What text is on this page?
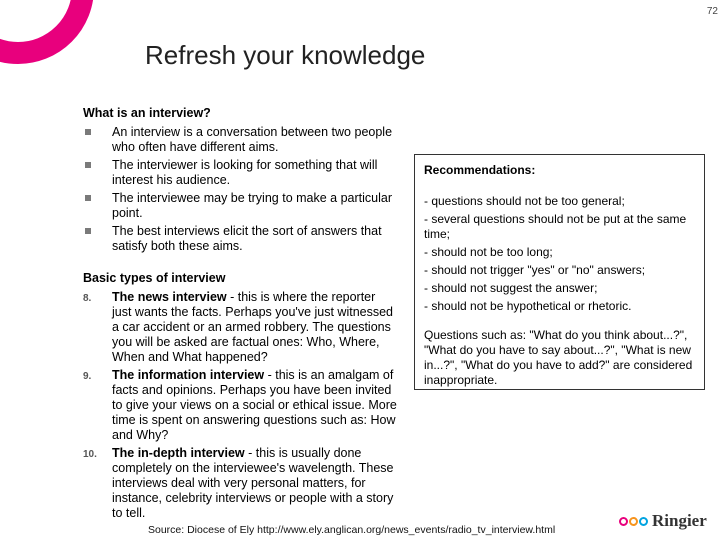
72
Refresh your knowledge
What is an interview?
An interview is a conversation between two people who often have different aims.
The interviewer is looking for something that will interest his audience.
The interviewee may be trying to make a particular point.
The best interviews elicit the sort of answers that satisfy both these aims.
Basic types of interview
8. The news interview - this is where the reporter just wants the facts. Perhaps you've just witnessed a car accident or an armed robbery. The questions you will be asked are factual ones: Who, Where, When and What happened?
9. The information interview - this is an amalgam of facts and opinions. Perhaps you have been invited to give your views on a social or ethical issue. More time is spent on answering questions such as: How and Why?
10. The in-depth interview - this is usually done completely on the interviewee's wavelength. These interviews deal with very personal matters, for instance, celebrity interviews or people with a story to tell.
Recommendations:
- questions should not be too general;
- several questions should not be put at the same time;
- should not be too long;
- should not trigger "yes" or "no" answers;
- should not suggest the answer;
- should not be hypothetical or rhetoric.
Questions such as: "What do you think about...?", "What do you have to say about...?", "What is new in...?", "What do you have to add?" are considered inappropriate.
Source: Diocese of Ely http://www.ely.anglican.org/news_events/radio_tv_interview.html	Ringier
